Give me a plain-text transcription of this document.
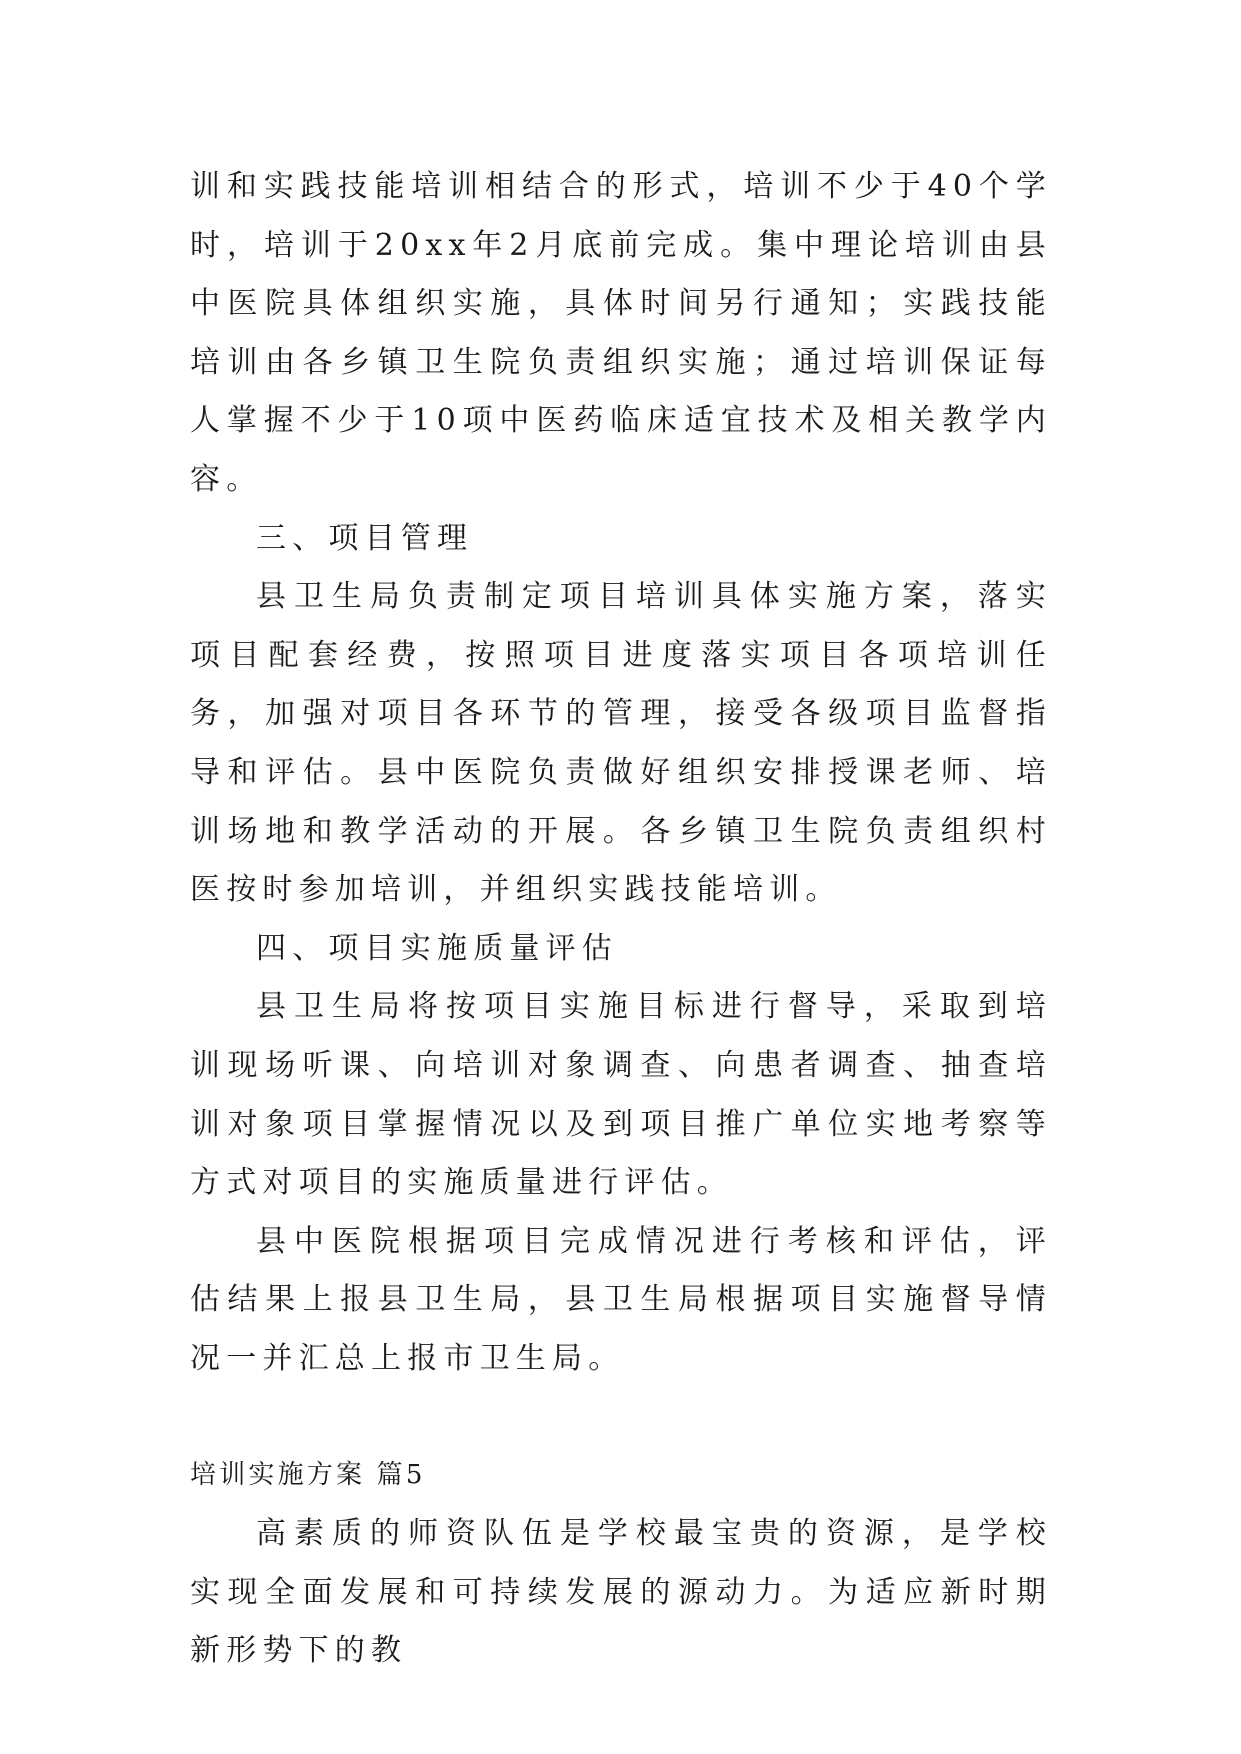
训和实践技能培训相结合的形式，培训不少于40个学时，培训于20xx年2月底前完成。集中理论培训由县中医院具体组织实施，具体时间另行通知；实践技能培训由各乡镇卫生院负责组织实施；通过培训保证每人掌握不少于10项中医药临床适宜技术及相关教学内容。

三、项目管理

县卫生局负责制定项目培训具体实施方案，落实项目配套经费，按照项目进度落实项目各项培训任务，加强对项目各环节的管理，接受各级项目监督指导和评估。县中医院负责做好组织安排授课老师、培训场地和教学活动的开展。各乡镇卫生院负责组织村医按时参加培训，并组织实践技能培训。

四、项目实施质量评估

县卫生局将按项目实施目标进行督导，采取到培训现场听课、向培训对象调查、向患者调查、抽查培训对象项目掌握情况以及到项目推广单位实地考察等方式对项目的实施质量进行评估。

县中医院根据项目完成情况进行考核和评估，评估结果上报县卫生局，县卫生局根据项目实施督导情况一并汇总上报市卫生局。

培训实施方案 篇5

高素质的师资队伍是学校最宝贵的资源，是学校实现全面发展和可持续发展的源动力。为适应新时期新形势下的教
